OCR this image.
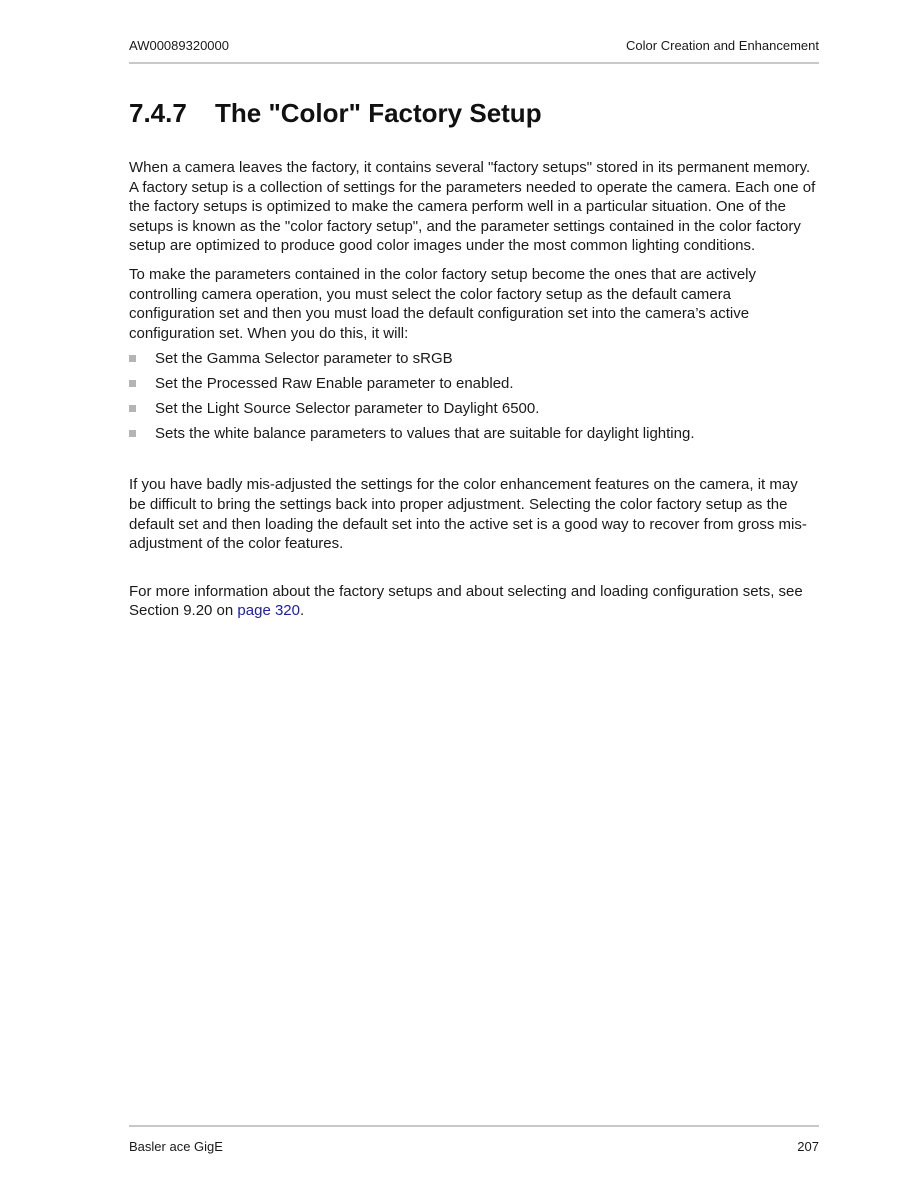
AW00089320000	Color Creation and Enhancement
7.4.7 The "Color" Factory Setup

When a camera leaves the factory, it contains several "factory setups" stored in its permanent memory. A factory setup is a collection of settings for the parameters needed to operate the camera. Each one of the factory setups is optimized to make the camera perform well in a particular situation. One of the setups is known as the "color factory setup", and the parameter settings contained in the color factory setup are optimized to produce good color images under the most common lighting conditions.

To make the parameters contained in the color factory setup become the ones that are actively controlling camera operation, you must select the color factory setup as the default camera configuration set and then you must load the default configuration set into the camera’s active configuration set. When you do this, it will:

Set the Gamma Selector parameter to sRGB
Set the Processed Raw Enable parameter to enabled.
Set the Light Source Selector parameter to Daylight 6500.
Sets the white balance parameters to values that are suitable for daylight lighting.

If you have badly mis-adjusted the settings for the color enhancement features on the camera, it may be difficult to bring the settings back into proper adjustment. Selecting the color factory setup as the default set and then loading the default set into the active set is a good way to recover from gross mis-adjustment of the color features.

For more information about the factory setups and about selecting and loading configuration sets, see Section 9.20 on page 320.

Basler ace GigE	207
